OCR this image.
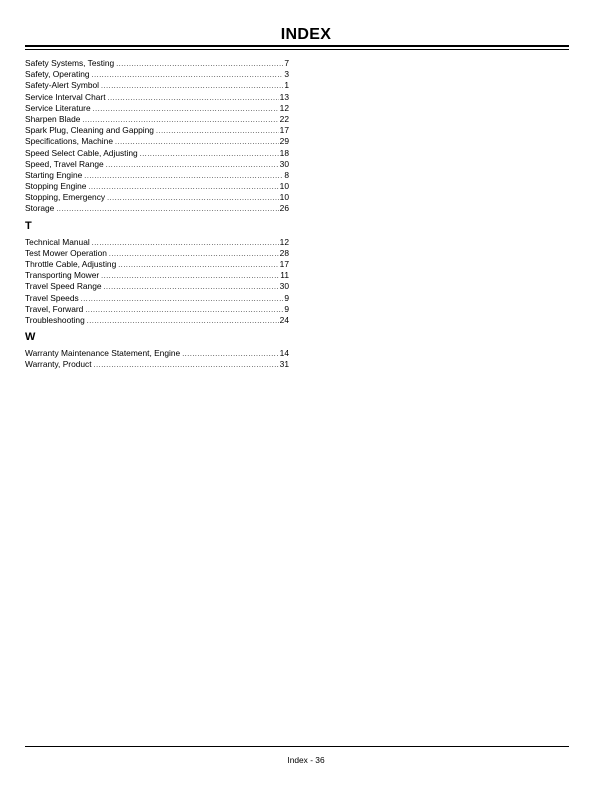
INDEX
Safety Systems, Testing .....	7
Safety, Operating .....	3
Safety-Alert Symbol .....	1
Service Interval Chart .....	13
Service Literature .....	12
Sharpen Blade .....	22
Spark Plug, Cleaning and Gapping .....	17
Specifications, Machine .....	29
Speed Select Cable, Adjusting .....	18
Speed, Travel Range .....	30
Starting Engine .....	8
Stopping Engine .....	10
Stopping, Emergency .....	10
Storage .....	26
T
Technical Manual .....	12
Test Mower Operation .....	28
Throttle Cable, Adjusting .....	17
Transporting Mower .....	11
Travel Speed Range .....	30
Travel Speeds .....	9
Travel, Forward .....	9
Troubleshooting .....	24
W
Warranty Maintenance Statement, Engine .....	14
Warranty, Product .....	31
Index - 36
